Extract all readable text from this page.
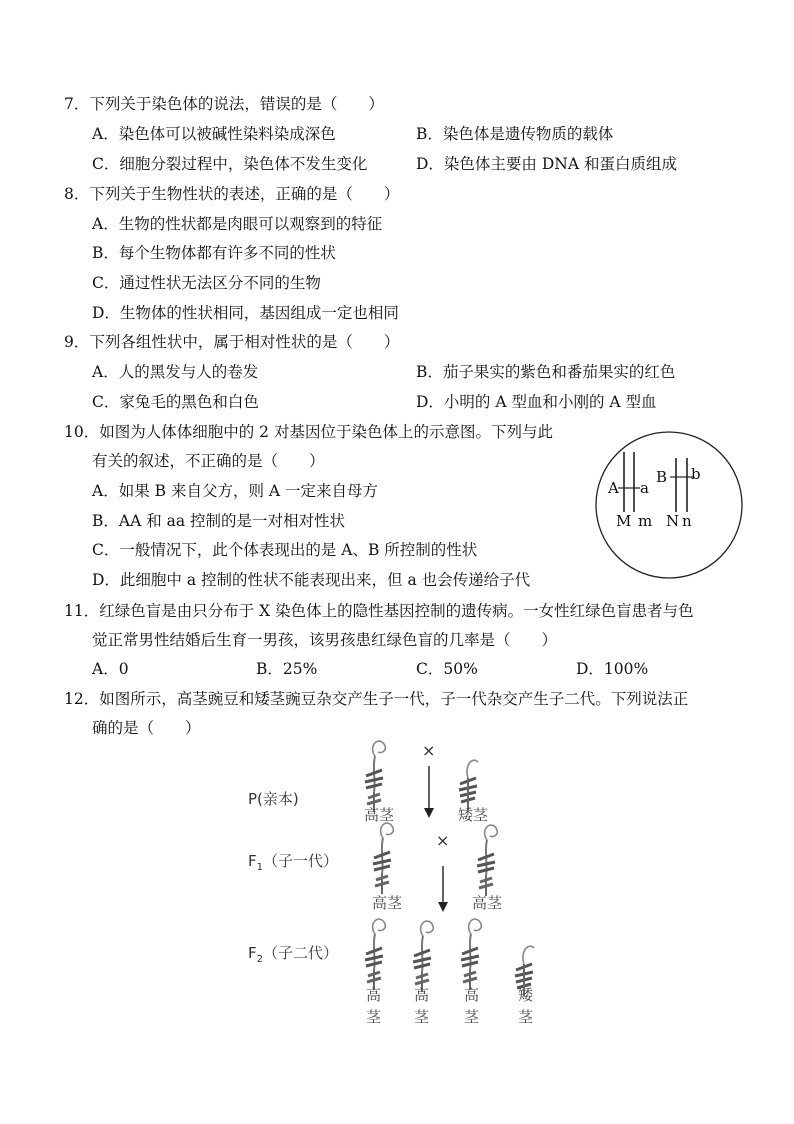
7．下列关于染色体的说法，错误的是（　　）
A．染色体可以被碱性染料染成深色	B．染色体是遗传物质的载体
C．细胞分裂过程中，染色体不发生变化	D．染色体主要由 DNA 和蛋白质组成
8．下列关于生物性状的表述，正确的是（　　）
A．生物的性状都是肉眼可以观察到的特征
B．每个生物体都有许多不同的性状
C．通过性状无法区分不同的生物
D．生物体的性状相同，基因组成一定也相同
9．下列各组性状中，属于相对性状的是（　　）
A．人的黑发与人的卷发	B．茄子果实的紫色和番茄果实的红色
C．家兔毛的黑色和白色	D．小明的 A 型血和小刚的 A 型血
10．如图为人体体细胞中的 2 对基因位于染色体上的示意图。下列与此
有关的叙述，不正确的是（　　）
A．如果 B 来自父方，则 A 一定来自母方
B．AA 和 aa 控制的是一对相对性状
C．一般情况下，此个体表现出的是 A、B 所控制的性状
D．此细胞中 a 控制的性状不能表现出来，但 a 也会传递给子代
A a
M m
B b
N n
11．红绿色盲是由只分布于 X 染色体上的隐性基因控制的遗传病。一女性红绿色盲患者与色
觉正常男性结婚后生育一男孩，该男孩患红绿色盲的几率是（　　）
A．0	B．25%	C．50%	D．100%
12．如图所示，高茎豌豆和矮茎豌豆杂交产生子一代，子一代杂交产生子二代。下列说法正
确的是（　　）
P(亲本)
×
高茎	矮茎
$F_1$（子一代）
×
高茎	高茎
$F_2$（子二代）
高
茎
高
茎
高
茎
矮
茎
